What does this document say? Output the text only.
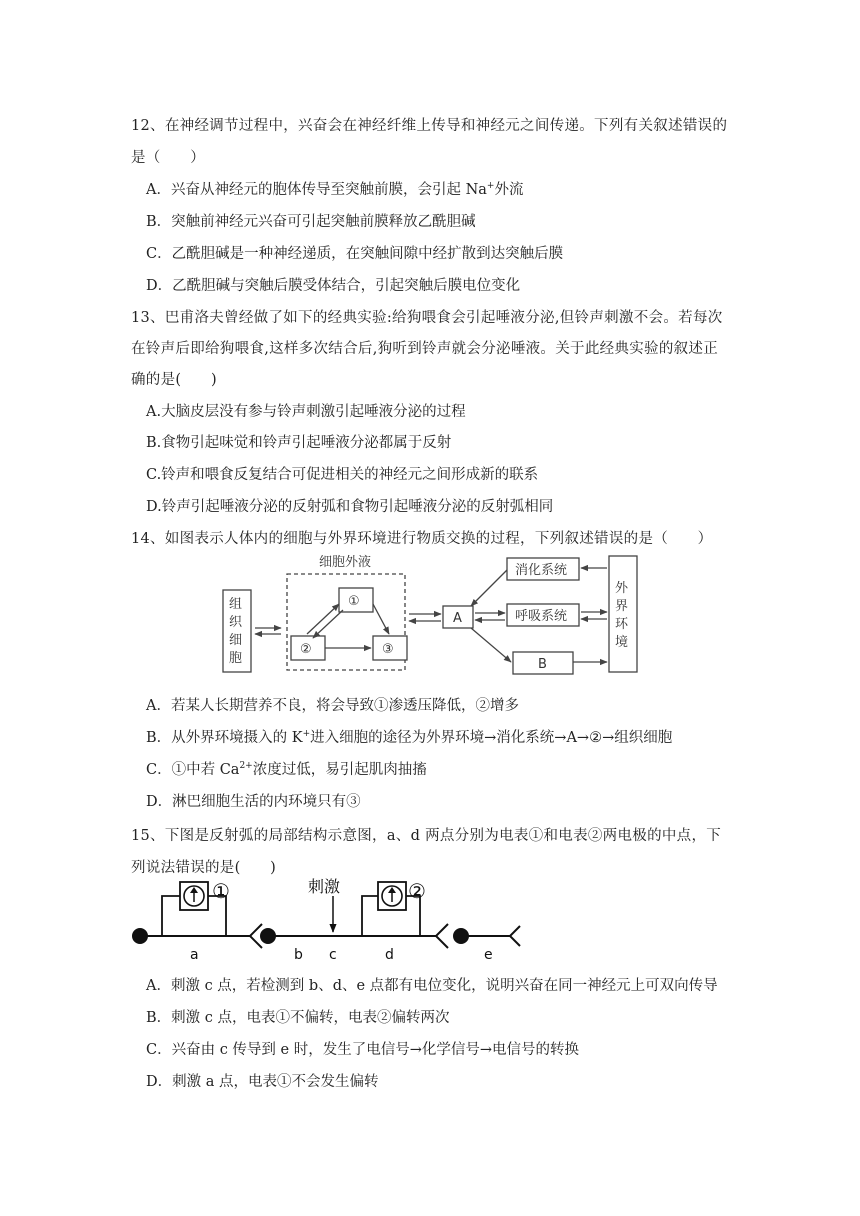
12、在神经调节过程中，兴奋会在神经纤维上传导和神经元之间传递。下列有关叙述错误的
是（　　）
A．兴奋从神经元的胞体传导至突触前膜，会引起 Na+外流
B．突触前神经元兴奋可引起突触前膜释放乙酰胆碱
C．乙酰胆碱是一种神经递质，在突触间隙中经扩散到达突触后膜
D．乙酰胆碱与突触后膜受体结合，引起突触后膜电位变化
13、巴甫洛夫曾经做了如下的经典实验:给狗喂食会引起唾液分泌,但铃声刺激不会。若每次
在铃声后即给狗喂食,这样多次结合后,狗听到铃声就会分泌唾液。关于此经典实验的叙述正
确的是(　　)
A.大脑皮层没有参与铃声刺激引起唾液分泌的过程
B.食物引起味觉和铃声引起唾液分泌都属于反射
C.铃声和喂食反复结合可促进相关的神经元之间形成新的联系
D.铃声引起唾液分泌的反射弧和食物引起唾液分泌的反射弧相同
14、如图表示人体内的细胞与外界环境进行物质交换的过程，下列叙述错误的是（　　）
细胞外液
组
织
细
胞
①
②	③
A
消化系统
呼吸系统
B
外
界
环
境
A．若某人长期营养不良，将会导致①渗透压降低，②增多
B．从外界环境摄入的 K+进入细胞的途径为外界环境→消化系统→A→②→组织细胞
C．①中若 $Ca^{2+}$浓度过低，易引起肌肉抽搐
D．淋巴细胞生活的内环境只有③
15、下图是反射弧的局部结构示意图，a、d 两点分别为电表①和电表②两电极的中点，下
列说法错误的是(　　)
①	②
刺激
a	b c	d	e
A．刺激 c 点，若检测到 b、d、e 点都有电位变化，说明兴奋在同一神经元上可双向传导
B．刺激 c 点，电表①不偏转，电表②偏转两次
C．兴奋由 c 传导到 e 时，发生了电信号→化学信号→电信号的转换
D．刺激 a 点，电表①不会发生偏转
